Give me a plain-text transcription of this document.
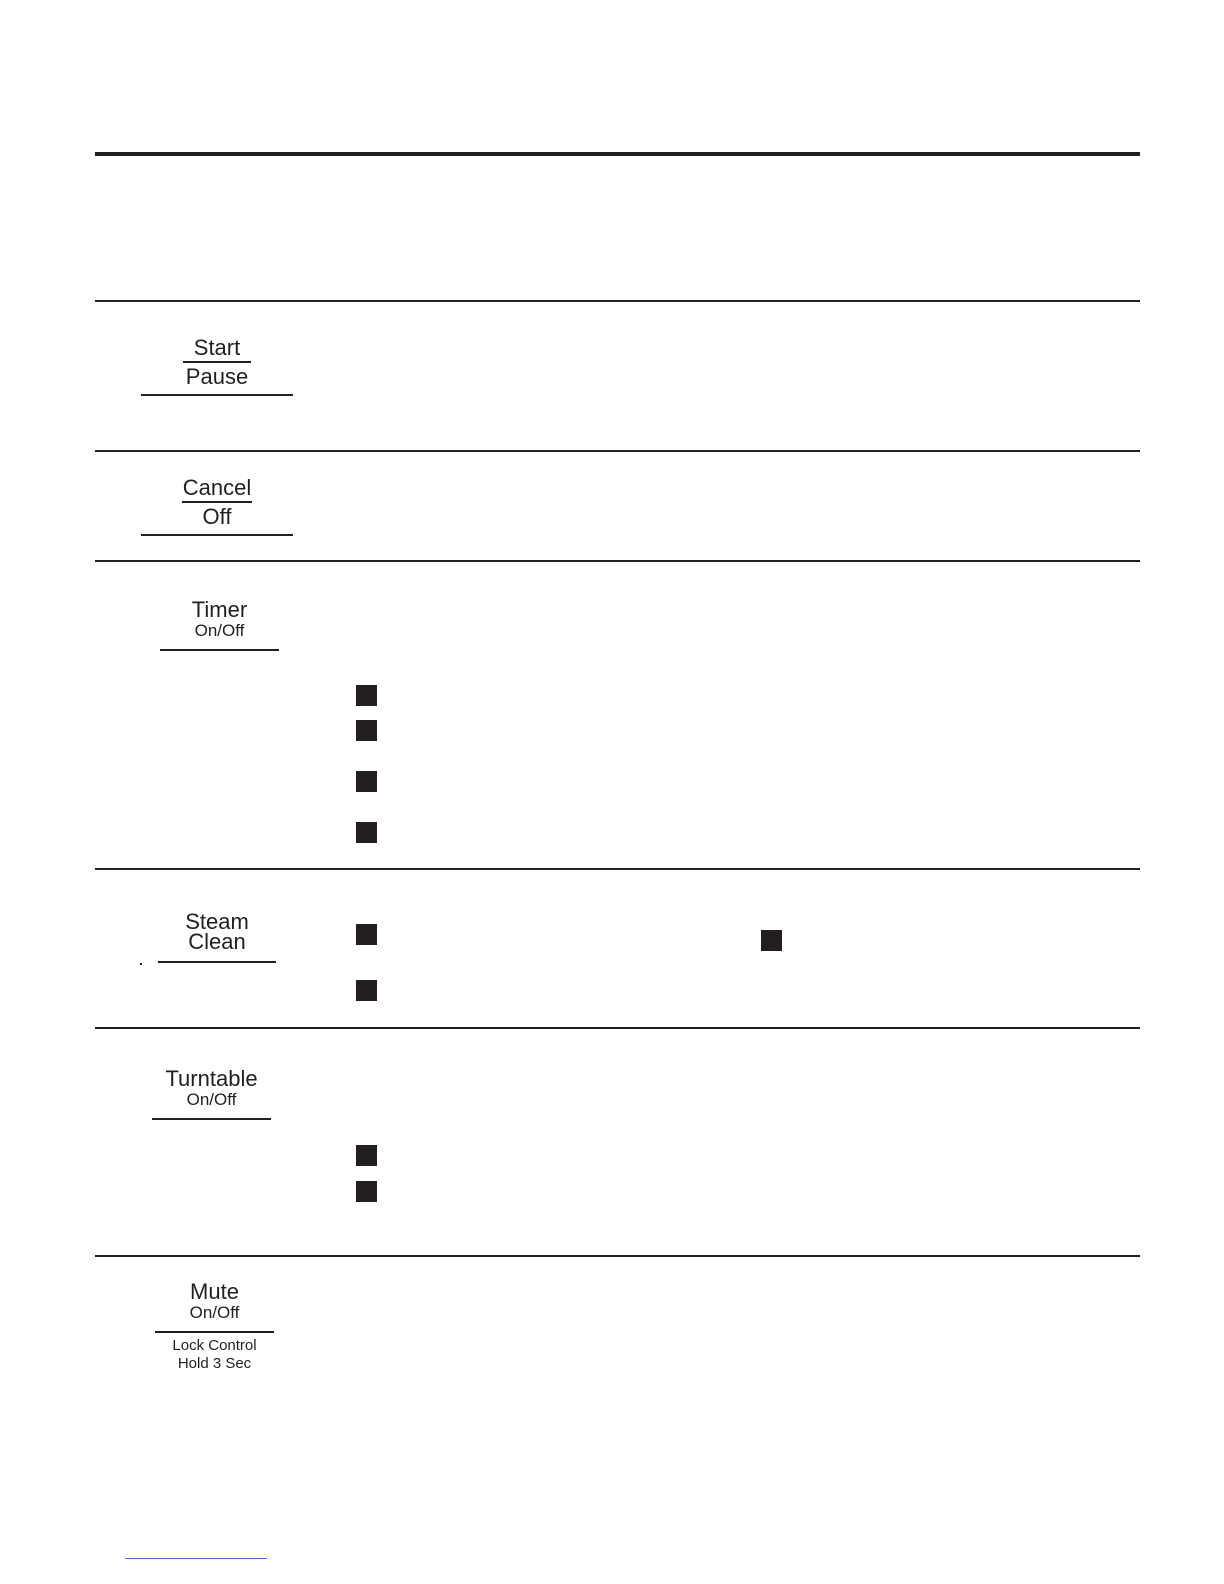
Start
Pause
Cancel
Off
Timer
On/Off
Steam
Clean
Turntable
On/Off
Mute
On/Off
Lock Control
Hold 3 Sec
